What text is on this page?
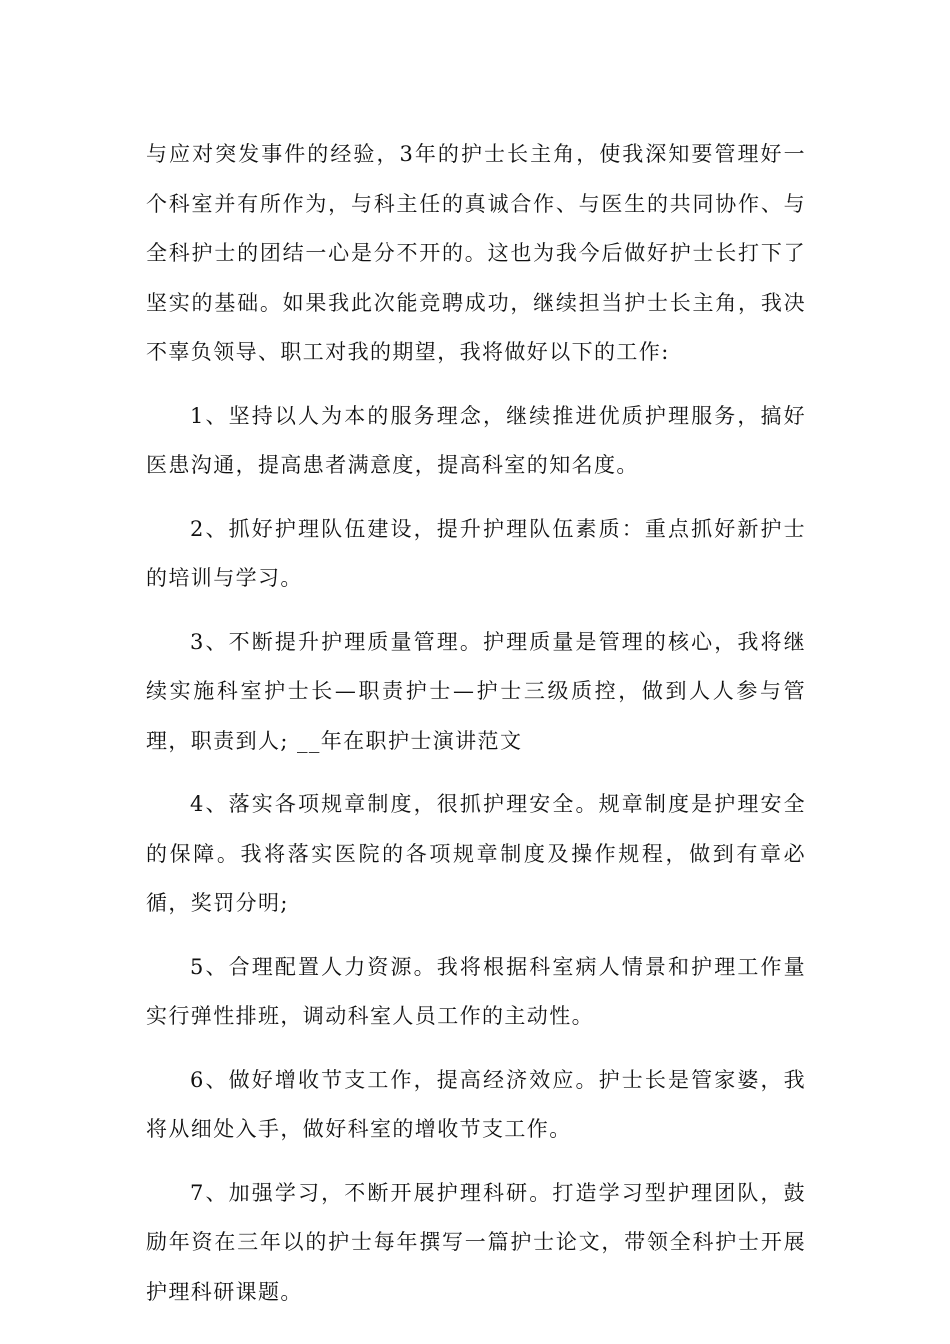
与应对突发事件的经验，3年的护士长主角，使我深知要管理好一个科室并有所作为，与科主任的真诚合作、与医生的共同协作、与全科护士的团结一心是分不开的。这也为我今后做好护士长打下了坚实的基础。如果我此次能竞聘成功，继续担当护士长主角，我决不辜负领导、职工对我的期望，我将做好以下的工作:

1、坚持以人为本的服务理念，继续推进优质护理服务，搞好医患沟通，提高患者满意度，提高科室的知名度。

2、抓好护理队伍建设，提升护理队伍素质：重点抓好新护士的培训与学习。

3、不断提升护理质量管理。护理质量是管理的核心，我将继续实施科室护士长—职责护士—护士三级质控，做到人人参与管理，职责到人; __年在职护士演讲范文

4、落实各项规章制度，很抓护理安全。规章制度是护理安全的保障。我将落实医院的各项规章制度及操作规程，做到有章必循，奖罚分明;

5、合理配置人力资源。我将根据科室病人情景和护理工作量实行弹性排班，调动科室人员工作的主动性。

6、做好增收节支工作，提高经济效应。护士长是管家婆，我将从细处入手，做好科室的增收节支工作。

7、加强学习，不断开展护理科研。打造学习型护理团队，鼓励年资在三年以的护士每年撰写一篇护士论文，带领全科护士开展护理科研课题。
